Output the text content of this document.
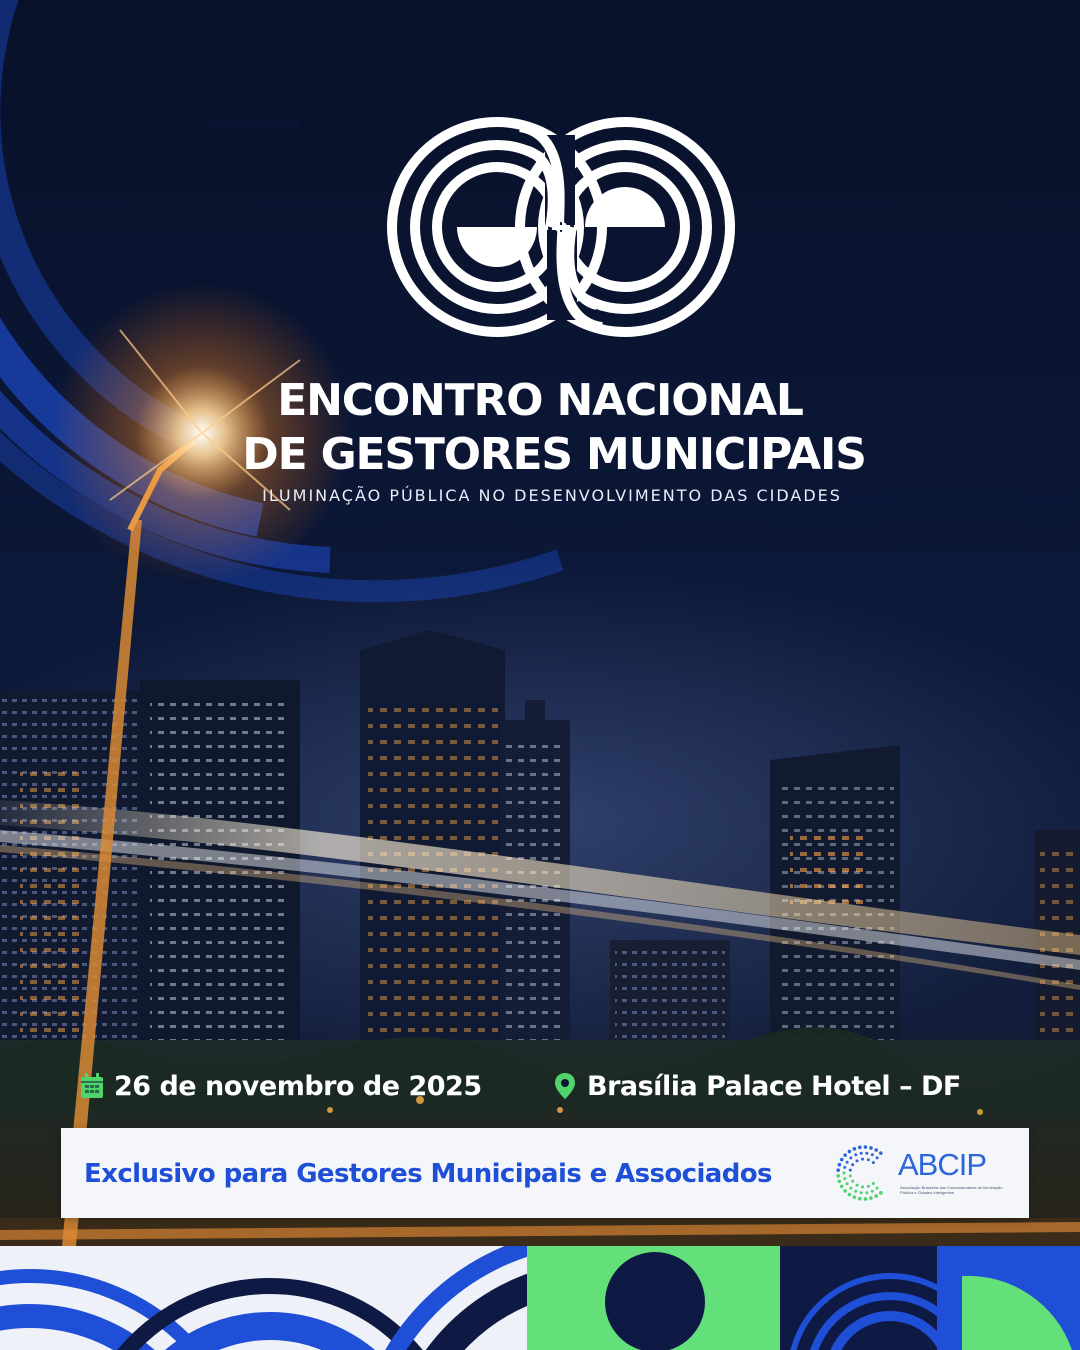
ENCONTRO NACIONAL
DE GESTORES MUNICIPAIS
ILUMINAÇÃO PÚBLICA NO DESENVOLVIMENTO DAS CIDADES
26 de novembro de 2025	Brasília Palace Hotel – DF
Exclusivo para Gestores Municipais e Associados	ABCIP
Associação Brasileira das Concessionárias de Iluminação Pública e Cidades Inteligentes
